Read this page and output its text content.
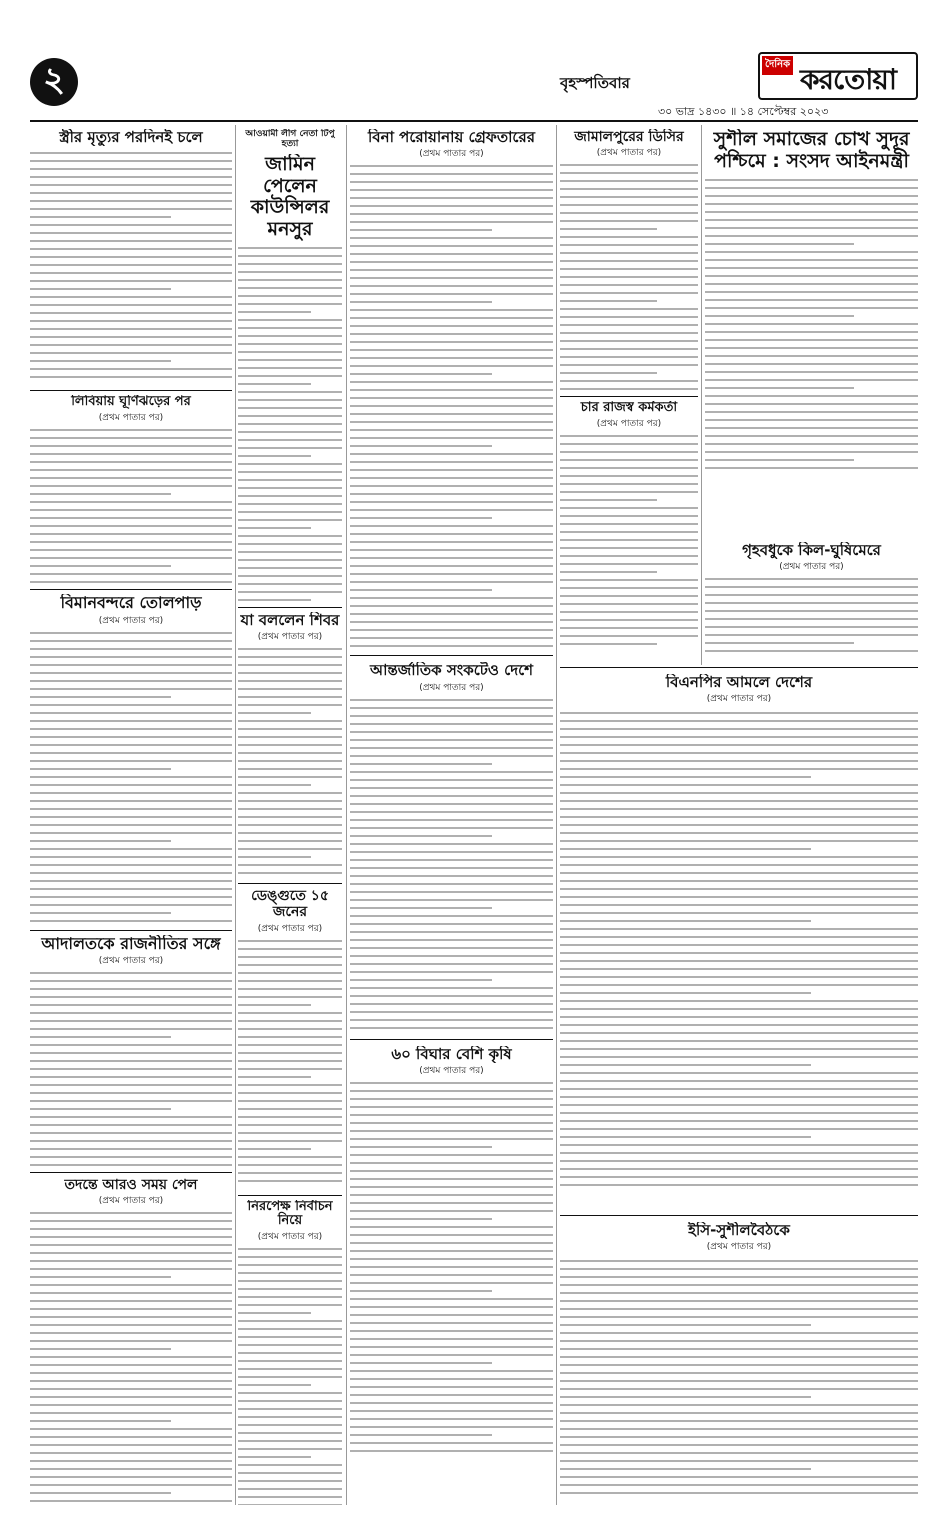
২	বৃহস্পতিবার
দৈনিক করতোয়া
৩০ ভাদ্র ১৪৩০ ॥ ১৪ সেপ্টেম্বর ২০২৩
স্ত্রীর মৃত্যুর পরদিনই চলে
লিবিয়ায় ঘূর্ণিঝড়ের পর
(প্রথম পাতার পর)
বিমানবন্দরে তোলপাড়
(প্রথম পাতার পর)
আদালতকে রাজনীতির সঙ্গে
(প্রথম পাতার পর)
তদন্তে আরও সময় পেল
(প্রথম পাতার পর)
আওয়ামী লীগ নেতা টিপু হত্যা
জামিন পেলেন কাউন্সিলর মনসুর
যা বললেন শিবর
(প্রথম পাতার পর)
ডেঙ্গুতে ১৫ জনের
(প্রথম পাতার পর)
নিরপেক্ষ নির্বাচন নিয়ে
(প্রথম পাতার পর)
বিনা পরোয়ানায় গ্রেফতারের
(প্রথম পাতার পর)
আন্তর্জাতিক সংকটেও দেশে
(প্রথম পাতার পর)
৬০ বিঘার বেশি কৃষি
(প্রথম পাতার পর)
জামালপুরের ডিসির
(প্রথম পাতার পর)
চার রাজস্ব কর্মকর্তা
(প্রথম পাতার পর)
সুশীল সমাজের চোখ সুদূর পশ্চিমে : সংসদ আইনমন্ত্রী
গৃহবধুকে কিল-ঘুষিমেরে
(প্রথম পাতার পর)
বিএনপির আমলে দেশের
(প্রথম পাতার পর)
ইসি-সুশীলবৈঠকে
(প্রথম পাতার পর)
